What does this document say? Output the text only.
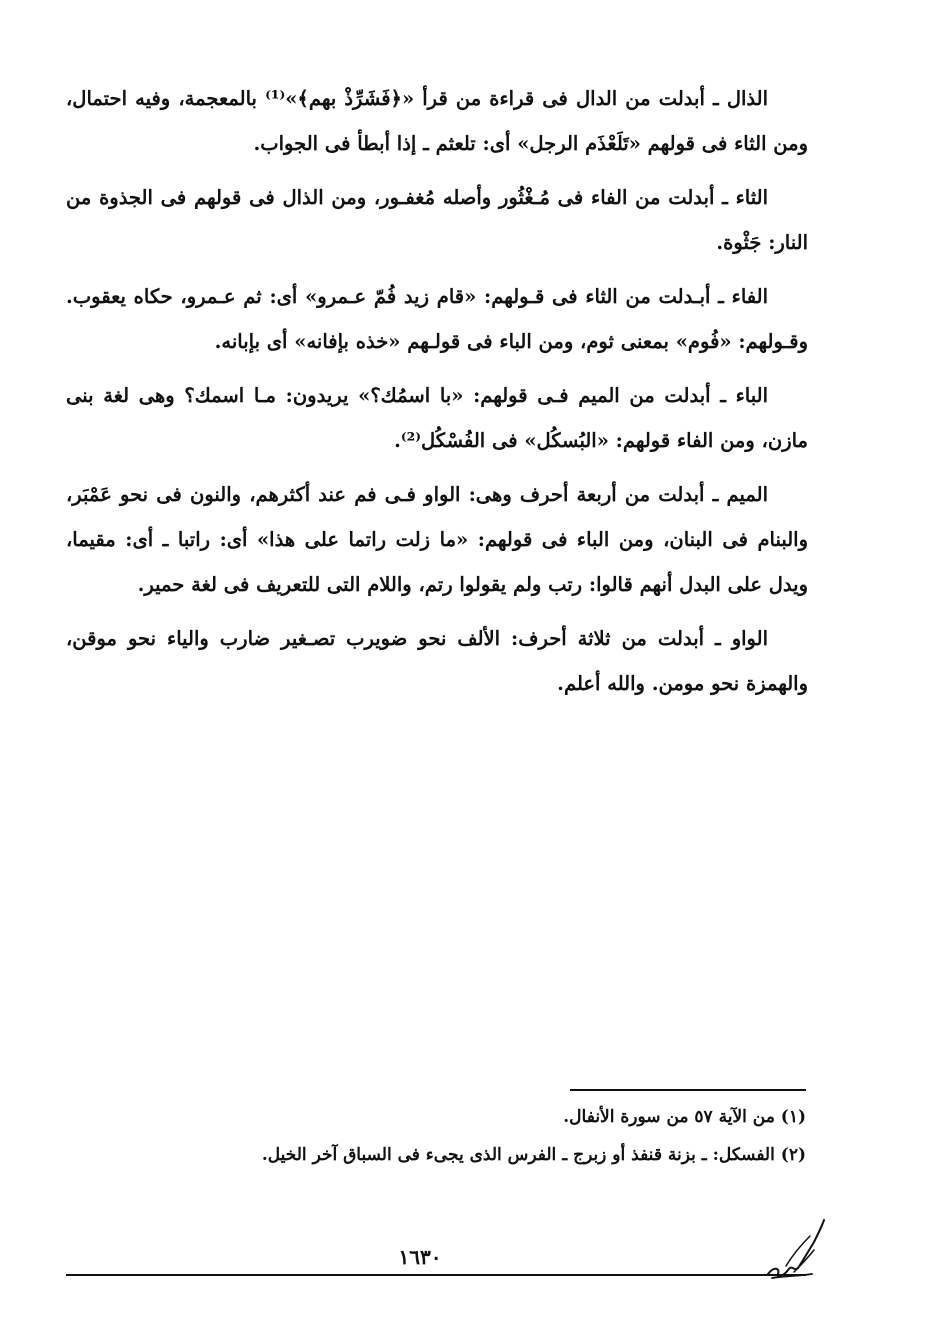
الذال ـ أبدلت من الدال فى قراءة من قرأ «﴿فَشَرِّذْ بهم﴾»⁽¹⁾ بالمعجمة، وفيه احتمال، ومن الثاء فى قولهم «تَلَعْذَم الرجل» أى: تلعثم ـ إذا أبطأ فى الجواب.

الثاء ـ أبدلت من الفاء فى مُـغْثُور وأصله مُغفـور، ومن الذال فى قولهم فى الجذوة من النار: جَثْوة.

الفاء ـ أبـدلت من الثاء فى قـولهم: «قام زيد فُمّ عـمرو» أى: ثم عـمرو، حكاه يعقوب. وقـولهم: «فُوم» بمعنى ثوم، ومن الباء فى قولـهم «خذه بإفانه» أى بإبانه.

الباء ـ أبدلت من الميم فـى قولهم: «با اسمُك؟» يريدون: مـا اسمك؟ وهى لغة بنى مازن، ومن الفاء قولهم: «البُسكُل» فى الفُسْكُل⁽²⁾.

الميم ـ أبدلت من أربعة أحرف وهى: الواو فـى فم عند أكثرهم، والنون فى نحو عَمْبَر، والبنام فى البنان، ومن الباء فى قولهم: «ما زلت راتما على هذا» أى: راتبا ـ أى: مقيما، ويدل على البدل أنهم قالوا: رتب ولم يقولوا رتم، واللام التى للتعريف فى لغة حمير.

الواو ـ أبدلت من ثلاثة أحرف: الألف نحو ضويرب تصـغير ضارب والياء نحو موقن، والهمزة نحو مومن. والله أعلم.

(١) من الآية ٥٧ من سورة الأنفال.

(٢) الفسكل: ـ بزنة قنفذ أو زبرج ـ الفرس الذى يجىء فى السباق آخر الخيل.

١٦٣٠
